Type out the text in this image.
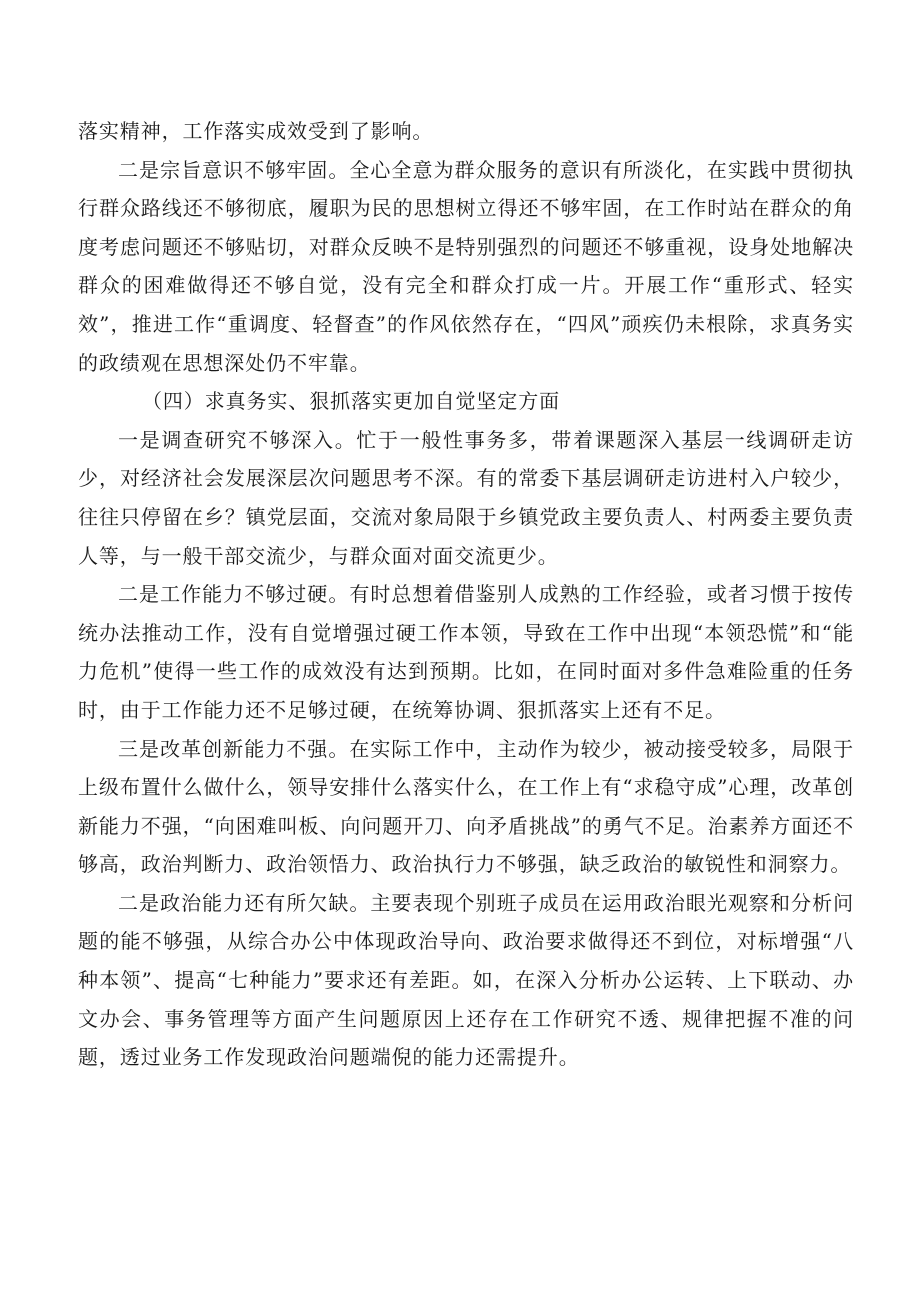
落实精神，工作落实成效受到了影响。

二是宗旨意识不够牢固。全心全意为群众服务的意识有所淡化，在实践中贯彻执行群众路线还不够彻底，履职为民的思想树立得还不够牢固，在工作时站在群众的角度考虑问题还不够贴切，对群众反映不是特别强烈的问题还不够重视，设身处地解决群众的困难做得还不够自觉，没有完全和群众打成一片。开展工作“重形式、轻实效”，推进工作“重调度、轻督查”的作风依然存在，“四风”顽疾仍未根除，求真务实的政绩观在思想深处仍不牢靠。

（四）求真务实、狠抓落实更加自觉坚定方面

一是调查研究不够深入。忙于一般性事务多，带着课题深入基层一线调研走访少，对经济社会发展深层次问题思考不深。有的常委下基层调研走访进村入户较少，往往只停留在乡？镇党层面，交流对象局限于乡镇党政主要负责人、村两委主要负责人等，与一般干部交流少，与群众面对面交流更少。

二是工作能力不够过硬。有时总想着借鉴别人成熟的工作经验，或者习惯于按传统办法推动工作，没有自觉增强过硬工作本领，导致在工作中出现“本领恐慌”和“能力危机”使得一些工作的成效没有达到预期。比如，在同时面对多件急难险重的任务时，由于工作能力还不足够过硬，在统筹协调、狠抓落实上还有不足。

三是改革创新能力不强。在实际工作中，主动作为较少，被动接受较多，局限于上级布置什么做什么，领导安排什么落实什么，在工作上有“求稳守成”心理，改革创新能力不强，“向困难叫板、向问题开刀、向矛盾挑战”的勇气不足。治素养方面还不够高，政治判断力、政治领悟力、政治执行力不够强，缺乏政治的敏锐性和洞察力。

二是政治能力还有所欠缺。主要表现个别班子成员在运用政治眼光观察和分析问题的能不够强，从综合办公中体现政治导向、政治要求做得还不到位，对标增强“八种本领”、提高“七种能力”要求还有差距。如，在深入分析办公运转、上下联动、办文办会、事务管理等方面产生问题原因上还存在工作研究不透、规律把握不准的问题，透过业务工作发现政治问题端倪的能力还需提升。
